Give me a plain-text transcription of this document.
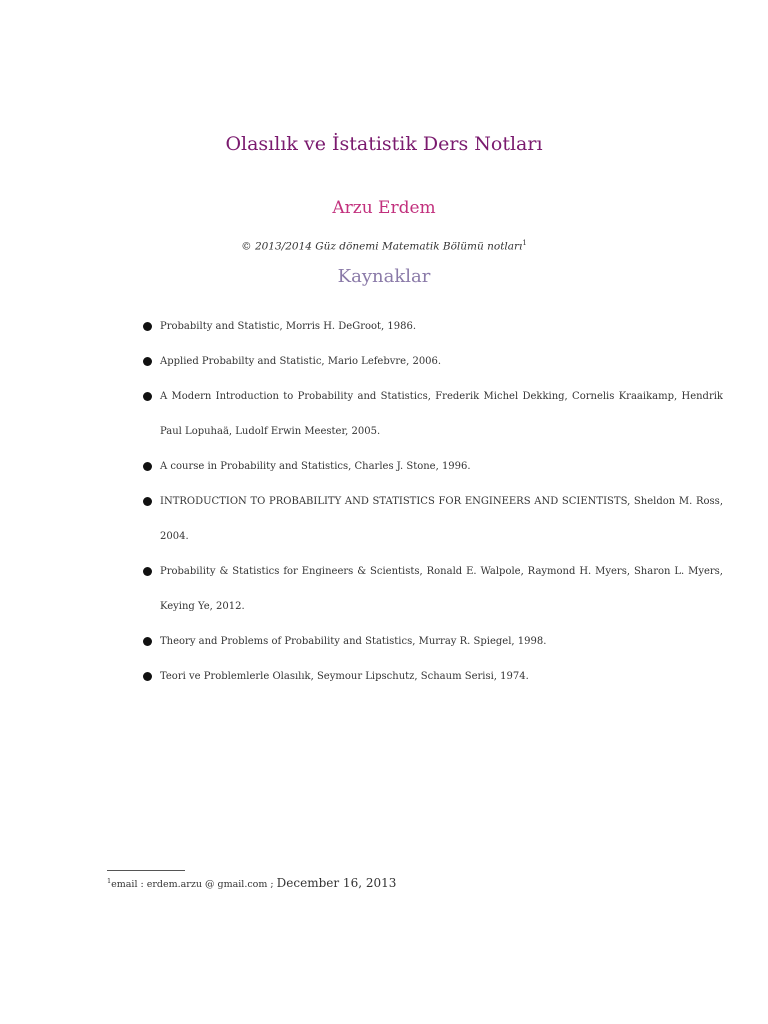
Olasılık ve İstatistik Ders Notları
Arzu Erdem
© 2013/2014 Güz dönemi Matematik Bölümü notları$^1$
Kaynaklar
Probabilty and Statistic, Morris H. DeGroot, 1986.
Applied Probabilty and Statistic, Mario Lefebvre, 2006.
A Modern Introduction to Probability and Statistics, Frederik Michel Dekking, Cornelis Kraaikamp, Hendrik Paul Lopuhaä, Ludolf Erwin Meester, 2005.
A course in Probability and Statistics, Charles J. Stone, 1996.
INTRODUCTION TO PROBABILITY AND STATISTICS FOR ENGINEERS AND SCIENTISTS, Sheldon M. Ross, 2004.
Probability & Statistics for Engineers & Scientists, Ronald E. Walpole, Raymond H. Myers, Sharon L. Myers, Keying Ye, 2012.
Theory and Problems of Probability and Statistics, Murray R. Spiegel, 1998.
Teori ve Problemlerle Olasılık, Seymour Lipschutz, Schaum Serisi, 1974.
$^1$email : erdem.arzu @ gmail.com ; December 16, 2013
